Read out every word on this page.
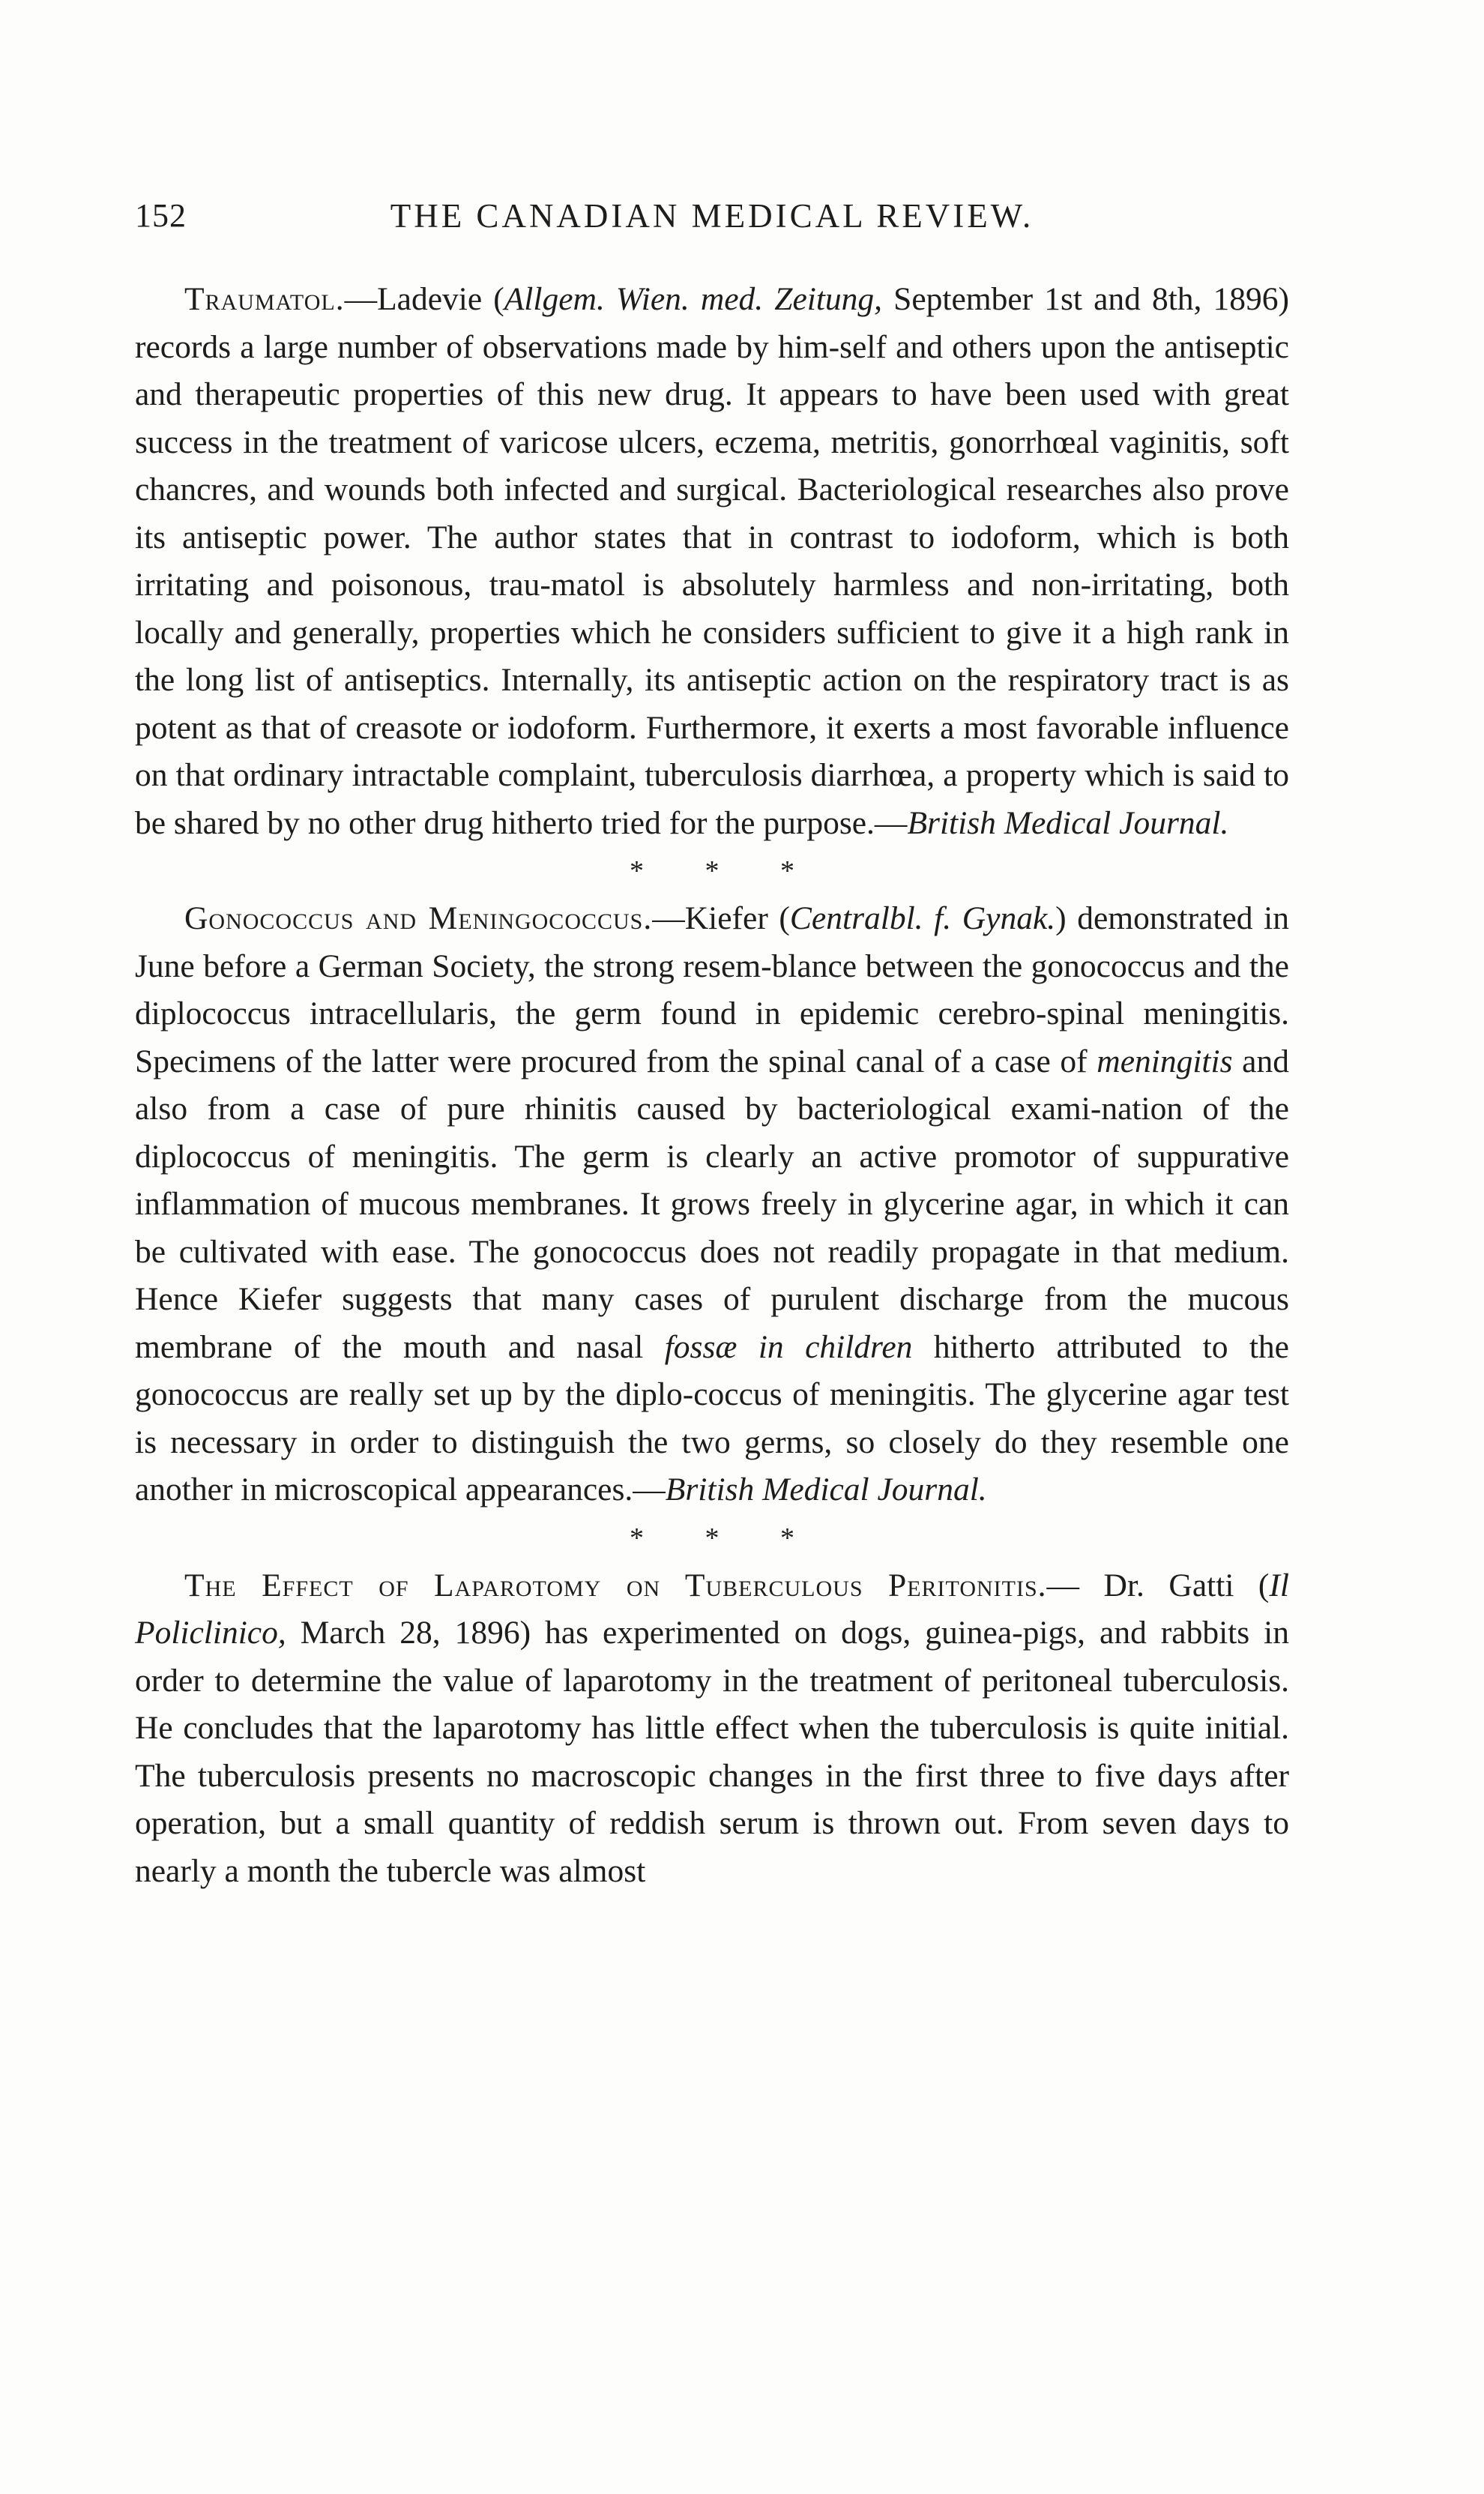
152	THE CANADIAN MEDICAL REVIEW.

Traumatol.—Ladevie (Allgem. Wien. med. Zeitung, September 1st and 8th, 1896) records a large number of observations made by him-self and others upon the antiseptic and therapeutic properties of this new drug. It appears to have been used with great success in the treatment of varicose ulcers, eczema, metritis, gonorrhœal vaginitis, soft chancres, and wounds both infected and surgical. Bacteriological researches also prove its antiseptic power. The author states that in contrast to iodoform, which is both irritating and poisonous, trau-matol is absolutely harmless and non-irritating, both locally and generally, properties which he considers sufficient to give it a high rank in the long list of antiseptics. Internally, its antiseptic action on the respiratory tract is as potent as that of creasote or iodoform. Furthermore, it exerts a most favorable influence on that ordinary intractable complaint, tuberculosis diarrhœa, a property which is said to be shared by no other drug hitherto tried for the purpose.—British Medical Journal.

* * *

Gonococcus and Meningococcus.—Kiefer (Centralbl. f. Gynak.) demonstrated in June before a German Society, the strong resem-blance between the gonococcus and the diplococcus intracellularis, the germ found in epidemic cerebro-spinal meningitis. Specimens of the latter were procured from the spinal canal of a case of meningitis and also from a case of pure rhinitis caused by bacteriological exami-nation of the diplococcus of meningitis. The germ is clearly an active promotor of suppurative inflammation of mucous membranes. It grows freely in glycerine agar, in which it can be cultivated with ease. The gonococcus does not readily propagate in that medium. Hence Kiefer suggests that many cases of purulent discharge from the mucous membrane of the mouth and nasal fossæ in children hitherto attributed to the gonococcus are really set up by the diplo-coccus of meningitis. The glycerine agar test is necessary in order to distinguish the two germs, so closely do they resemble one another in microscopical appearances.—British Medical Journal.

* * *

The Effect of Laparotomy on Tuberculous Peritonitis.— Dr. Gatti (Il Policlinico, March 28, 1896) has experimented on dogs, guinea-pigs, and rabbits in order to determine the value of laparotomy in the treatment of peritoneal tuberculosis. He concludes that the laparotomy has little effect when the tuberculosis is quite initial. The tuberculosis presents no macroscopic changes in the first three to five days after operation, but a small quantity of reddish serum is thrown out. From seven days to nearly a month the tubercle was almost
